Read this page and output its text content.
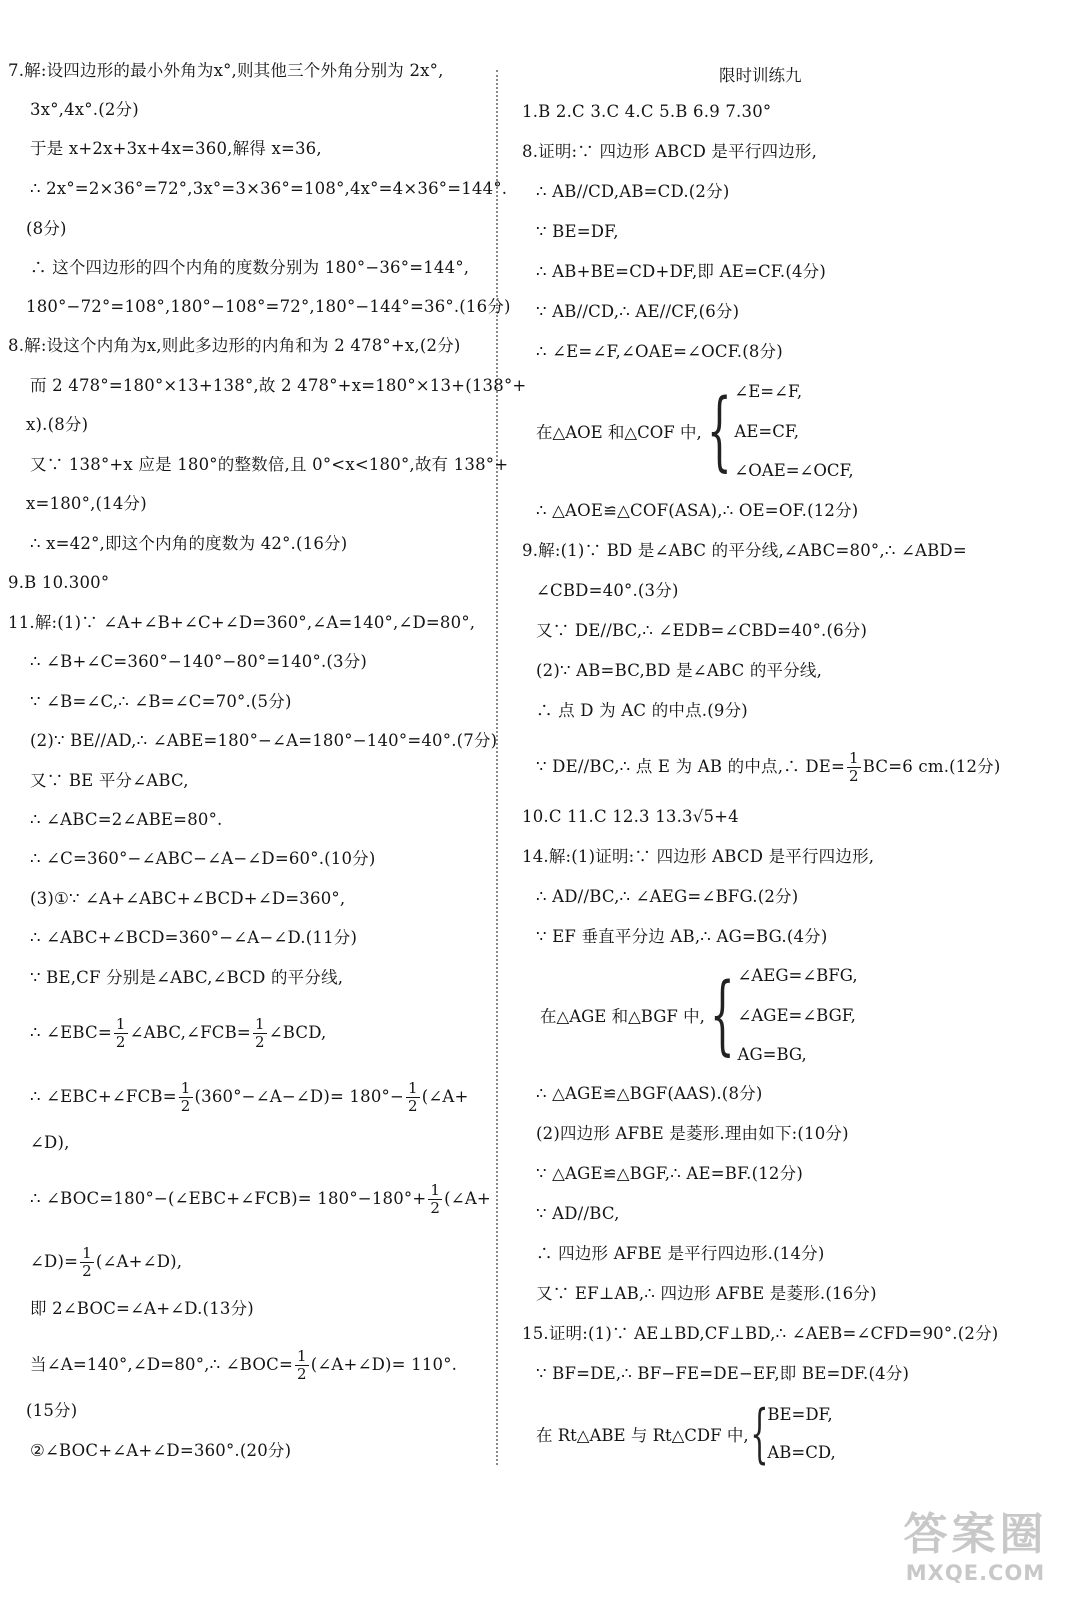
7.解:设四边形的最小外角为x°,则其他三个外角分别为 2x°,
3x°,4x°.(2分)
于是 x+2x+3x+4x=360,解得 x=36,
∴ 2x°=2×36°=72°,3x°=3×36°=108°,4x°=4×36°=144°.
(8分)
∴ 这个四边形的四个内角的度数分别为 180°−36°=144°,
180°−72°=108°,180°−108°=72°,180°−144°=36°.(16分)
8.解:设这个内角为x,则此多边形的内角和为 2 478°+x,(2分)
而 2 478°=180°×13+138°,故 2 478°+x=180°×13+(138°+
x).(8分)
又∵ 138°+x 应是 180°的整数倍,且 0°<x<180°,故有 138°+
x=180°,(14分)
∴ x=42°,即这个内角的度数为 42°.(16分)
9.B 10.300°
11.解:(1)∵ ∠A+∠B+∠C+∠D=360°,∠A=140°,∠D=80°,
∴ ∠B+∠C=360°−140°−80°=140°.(3分)
∵ ∠B=∠C,∴ ∠B=∠C=70°.(5分)
(2)∵ BE//AD,∴ ∠ABE=180°−∠A=180°−140°=40°.(7分)
又∵ BE 平分∠ABC,
∴ ∠ABC=2∠ABE=80°.
∴ ∠C=360°−∠ABC−∠A−∠D=60°.(10分)
(3)①∵ ∠A+∠ABC+∠BCD+∠D=360°,
∴ ∠ABC+∠BCD=360°−∠A−∠D.(11分)
∵ BE,CF 分别是∠ABC,∠BCD 的平分线,
∴ ∠EBC= $\frac{1}{2}$ ∠ABC,∠FCB= $\frac{1}{2}$ ∠BCD,
∴ ∠EBC+∠FCB= $\frac{1}{2}$ (360°−∠A−∠D)= $180^\circ- \frac{1}{2}$ (∠A+
∠D),
∴ ∠BOC=180°−(∠EBC+∠FCB)= $180^\circ-180^\circ+ \frac{1}{2}$ (∠A+
∠D)= $\frac{1}{2}$ (∠A+∠D),
即 2∠BOC=∠A+∠D.(13分)
当∠A=140°,∠D=80°,∴ ∠BOC= $\frac{1}{2}$ (∠A+∠D)= 110°.
(15分)
②∠BOC+∠A+∠D=360°.(20分)
限时训练九
1.B 2.C 3.C 4.C 5.B 6.9 7.30°
8.证明:∵ 四边形 ABCD 是平行四边形,
∴ AB//CD,AB=CD.(2分)
∵ BE=DF,
∴ AB+BE=CD+DF,即 AE=CF.(4分)
∵ AB//CD,∴ AE//CF,(6分)
∴ ∠E=∠F,∠OAE=∠OCF.(8分)
在△AOE 和△COF 中, { ∠E=∠F,
AE=CF,
∠OAE=∠OCF,
∴ △AOE≌△COF(ASA),∴ OE=OF.(12分)
9.解:(1)∵ BD 是∠ABC 的平分线,∠ABC=80°,∴ ∠ABD=
∠CBD=40°.(3分)
又∵ DE//BC,∴ ∠EDB=∠CBD=40°.(6分)
(2)∵ AB=BC,BD 是∠ABC 的平分线,
∴ 点 D 为 AC 的中点.(9分)
∵ DE//BC,∴ 点 E 为 AB 的中点,∴ $DE= \frac{1}{2} BC=6$ cm.(12分)
10.C 11.C 12.3 13.3√5+4
14.解:(1)证明:∵ 四边形 ABCD 是平行四边形,
∴ AD//BC,∴ ∠AEG=∠BFG.(2分)
∵ EF 垂直平分边 AB,∴ AG=BG.(4分)
在△AGE 和△BGF 中, { ∠AEG=∠BFG,
∠AGE=∠BGF,
AG=BG,
∴ △AGE≌△BGF(AAS).(8分)
(2)四边形 AFBE 是菱形.理由如下:(10分)
∵ △AGE≌△BGF,∴ AE=BF.(12分)
∵ AD//BC,
∴ 四边形 AFBE 是平行四边形.(14分)
又∵ EF⊥AB,∴ 四边形 AFBE 是菱形.(16分)
15.证明:(1)∵ AE⊥BD,CF⊥BD,∴ ∠AEB=∠CFD=90°.(2分)
∵ BF=DE,∴ BF−FE=DE−EF,即 BE=DF.(4分)
在 Rt△ABE 与 Rt△CDF 中, { BE=DF,
AB=CD,
答案圈
MXQE.COM
